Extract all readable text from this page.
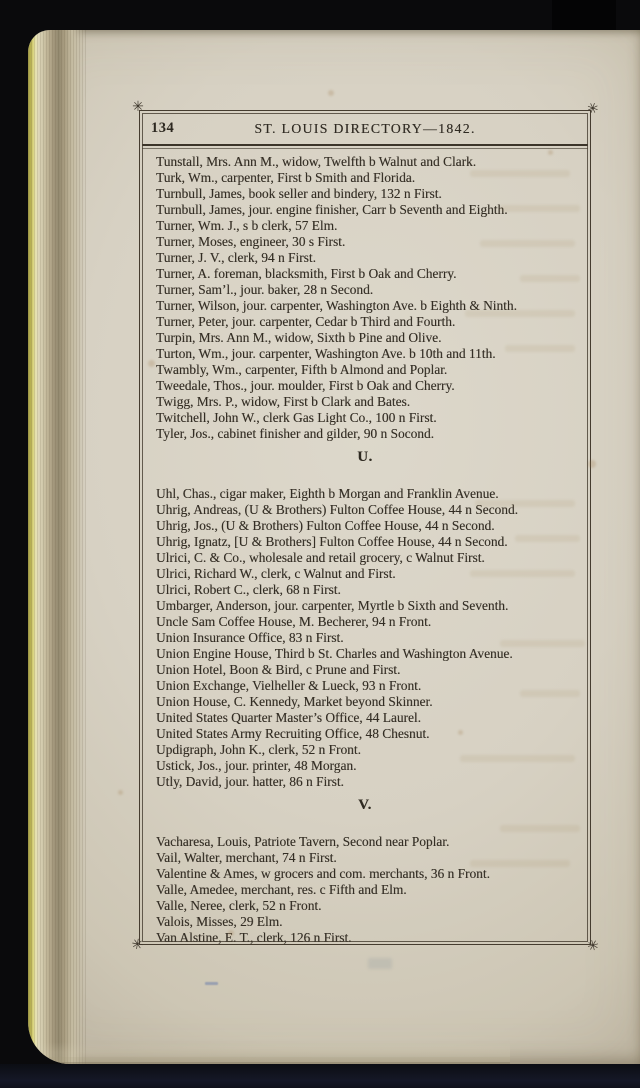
✳	✳
✳	✳
134	ST. LOUIS DIRECTORY—1842.
Tunstall, Mrs. Ann M., widow, Twelfth b Walnut and Clark.
Turk, Wm., carpenter, First b Smith and Florida.
Turnbull, James, book seller and bindery, 132 n First.
Turnbull, James, jour. engine finisher, Carr b Seventh and Eighth.
Turner, Wm. J., s b clerk, 57 Elm.
Turner, Moses, engineer, 30 s First.
Turner, J. V., clerk, 94 n First.
Turner, A. foreman, blacksmith, First b Oak and Cherry.
Turner, Sam’l., jour. baker, 28 n Second.
Turner, Wilson, jour. carpenter, Washington Ave. b Eighth & Ninth.
Turner, Peter, jour. carpenter, Cedar b Third and Fourth.
Turpin, Mrs. Ann M., widow, Sixth b Pine and Olive.
Turton, Wm., jour. carpenter, Washington Ave. b 10th and 11th.
Twambly, Wm., carpenter, Fifth b Almond and Poplar.
Tweedale, Thos., jour. moulder, First b Oak and Cherry.
Twigg, Mrs. P., widow, First b Clark and Bates.
Twitchell, John W., clerk Gas Light Co., 100 n First.
Tyler, Jos., cabinet finisher and gilder, 90 n Socond.
U.
Uhl, Chas., cigar maker, Eighth b Morgan and Franklin Avenue.
Uhrig, Andreas, (U & Brothers) Fulton Coffee House, 44 n Second.
Uhrig, Jos., (U & Brothers) Fulton Coffee House, 44 n Second.
Uhrig, Ignatz, [U & Brothers] Fulton Coffee House, 44 n Second.
Ulrici, C. & Co., wholesale and retail grocery, c Walnut First.
Ulrici, Richard W., clerk, c Walnut and First.
Ulrici, Robert C., clerk, 68 n First.
Umbarger, Anderson, jour. carpenter, Myrtle b Sixth and Seventh.
Uncle Sam Coffee House, M. Becherer, 94 n Front.
Union Insurance Office, 83 n First.
Union Engine House, Third b St. Charles and Washington Avenue.
Union Hotel, Boon & Bird, c Prune and First.
Union Exchange, Vielheller & Lueck, 93 n Front.
Union House, C. Kennedy, Market beyond Skinner.
United States Quarter Master’s Office, 44 Laurel.
United States Army Recruiting Office, 48 Chesnut.
Updigraph, John K., clerk, 52 n Front.
Ustick, Jos., jour. printer, 48 Morgan.
Utly, David, jour. hatter, 86 n First.
V.
Vacharesa, Louis, Patriote Tavern, Second near Poplar.
Vail, Walter, merchant, 74 n First.
Valentine & Ames, w grocers and com. merchants, 36 n Front.
Valle, Amedee, merchant, res. c Fifth and Elm.
Valle, Neree, clerk, 52 n Front.
Valois, Misses, 29 Elm.
Van Alstine, E. T., clerk, 126 n First.
